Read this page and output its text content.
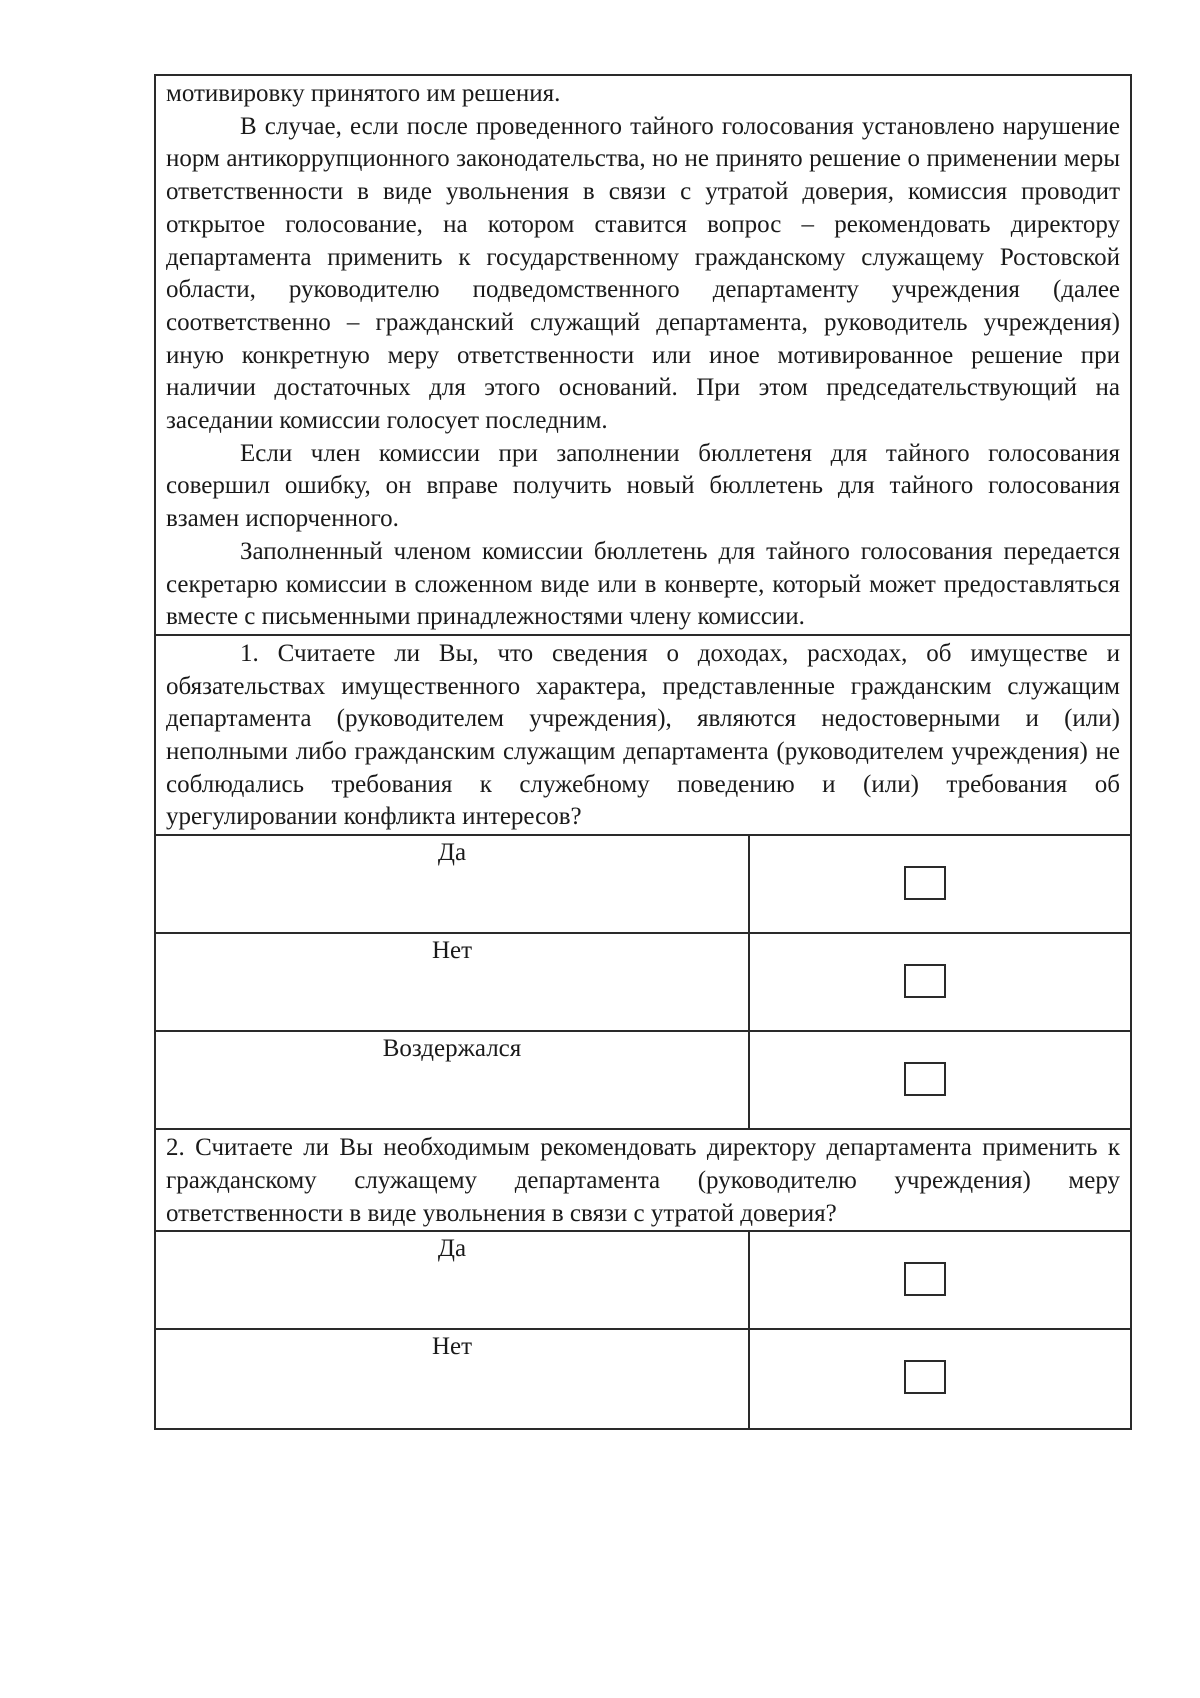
мотивировку принятого им решения.

В случае, если после проведенного тайного голосования установлено нарушение норм антикоррупционного законодательства, но не принято решение о применении меры ответственности в виде увольнения в связи с утратой доверия, комиссия проводит открытое голосование, на котором ставится вопрос – рекомендовать директору департамента применить к государственному гражданскому служащему Ростовской области, руководителю подведомственного департаменту учреждения (далее соответственно – гражданский служащий департамента, руководитель учреждения) иную конкретную меру ответственности или иное мотивированное решение при наличии достаточных для этого оснований. При этом председательствующий на заседании комиссии голосует последним.

Если член комиссии при заполнении бюллетеня для тайного голосования совершил ошибку, он вправе получить новый бюллетень для тайного голосования взамен испорченного.

Заполненный членом комиссии бюллетень для тайного голосования передается секретарю комиссии в сложенном виде или в конверте, который может предоставляться вместе с письменными принадлежностями члену комиссии.

1. Считаете ли Вы, что сведения о доходах, расходах, об имуществе и обязательствах имущественного характера, представленные гражданским служащим департамента (руководителем учреждения), являются недостоверными и (или) неполными либо гражданским служащим департамента (руководителем учреждения) не соблюдались требования к служебному поведению и (или) требования об урегулировании конфликта интересов?

Да
Нет
Воздержался

2. Считаете ли Вы необходимым рекомендовать директору департамента применить к гражданскому служащему департамента (руководителю учреждения) меру ответственности в виде увольнения в связи с утратой доверия?

Да
Нет
